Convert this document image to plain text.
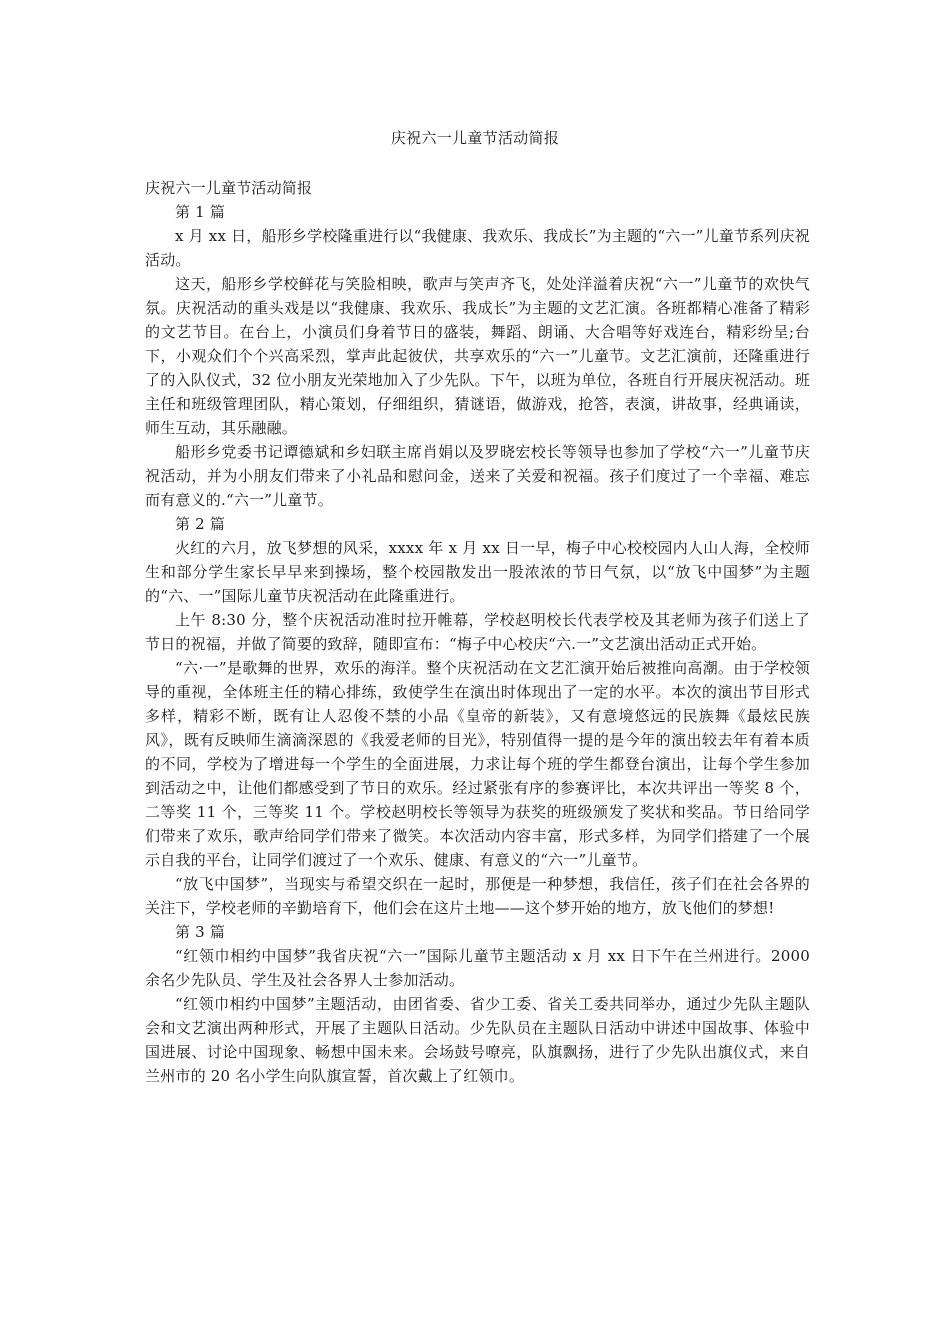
庆祝六一儿童节活动简报

庆祝六一儿童节活动简报

第 1 篇

x 月 xx 日，船形乡学校隆重进行以“我健康、我欢乐、我成长”为主题的“六一”儿童节系列庆祝活动。

这天，船形乡学校鲜花与笑脸相映，歌声与笑声齐飞，处处洋溢着庆祝“六一”儿童节的欢快气氛。庆祝活动的重头戏是以“我健康、我欢乐、我成长”为主题的文艺汇演。各班都精心准备了精彩的文艺节目。在台上，小演员们身着节日的盛装，舞蹈、朗诵、大合唱等好戏连台，精彩纷呈;台下，小观众们个个兴高采烈，掌声此起彼伏，共享欢乐的“六一”儿童节。文艺汇演前，还隆重进行了的入队仪式，32 位小朋友光荣地加入了少先队。下午，以班为单位，各班自行开展庆祝活动。班主任和班级管理团队，精心策划，仔细组织，猜谜语，做游戏，抢答，表演，讲故事，经典诵读，师生互动，其乐融融。

船形乡党委书记谭德斌和乡妇联主席肖娟以及罗晓宏校长等领导也参加了学校“六一”儿童节庆祝活动，并为小朋友们带来了小礼品和慰问金，送来了关爱和祝福。孩子们度过了一个幸福、难忘而有意义的.“六一”儿童节。

第 2 篇

火红的六月，放飞梦想的风采，xxxx 年 x 月 xx 日一早，梅子中心校校园内人山人海，全校师生和部分学生家长早早来到操场，整个校园散发出一股浓浓的节日气氛，以“放飞中国梦”为主题的“六、一”国际儿童节庆祝活动在此隆重进行。

上午 8:30 分，整个庆祝活动准时拉开帷幕，学校赵明校长代表学校及其老师为孩子们送上了节日的祝福，并做了简要的致辞，随即宣布：“梅子中心校庆“六.一”文艺演出活动正式开始。

“六·一”是歌舞的世界，欢乐的海洋。整个庆祝活动在文艺汇演开始后被推向高潮。由于学校领导的重视，全体班主任的精心排练，致使学生在演出时体现出了一定的水平。本次的演出节目形式多样，精彩不断，既有让人忍俊不禁的小品《皇帝的新装》，又有意境悠远的民族舞《最炫民族风》，既有反映师生滴滴深恩的《我爱老师的目光》，特别值得一提的是今年的演出较去年有着本质的不同，学校为了增进每一个学生的全面进展，力求让每个班的学生都登台演出，让每个学生参加到活动之中，让他们都感受到了节日的欢乐。经过紧张有序的参赛评比，本次共评出一等奖 8 个，二等奖 11 个，三等奖 11 个。学校赵明校长等领导为获奖的班级颁发了奖状和奖品。节日给同学们带来了欢乐，歌声给同学们带来了微笑。本次活动内容丰富，形式多样，为同学们搭建了一个展示自我的平台，让同学们渡过了一个欢乐、健康、有意义的“六一”儿童节。

“放飞中国梦”，当现实与希望交织在一起时，那便是一种梦想，我信任，孩子们在社会各界的关注下，学校老师的辛勤培育下，他们会在这片土地——这个梦开始的地方，放飞他们的梦想!

第 3 篇

“红领巾相约中国梦”我省庆祝“六一”国际儿童节主题活动 x 月 xx 日下午在兰州进行。2000 余名少先队员、学生及社会各界人士参加活动。

“红领巾相约中国梦”主题活动，由团省委、省少工委、省关工委共同举办，通过少先队主题队会和文艺演出两种形式，开展了主题队日活动。少先队员在主题队日活动中讲述中国故事、体验中国进展、讨论中国现象、畅想中国未来。会场鼓号嘹亮，队旗飘扬，进行了少先队出旗仪式，来自兰州市的 20 名小学生向队旗宣誓，首次戴上了红领巾。
